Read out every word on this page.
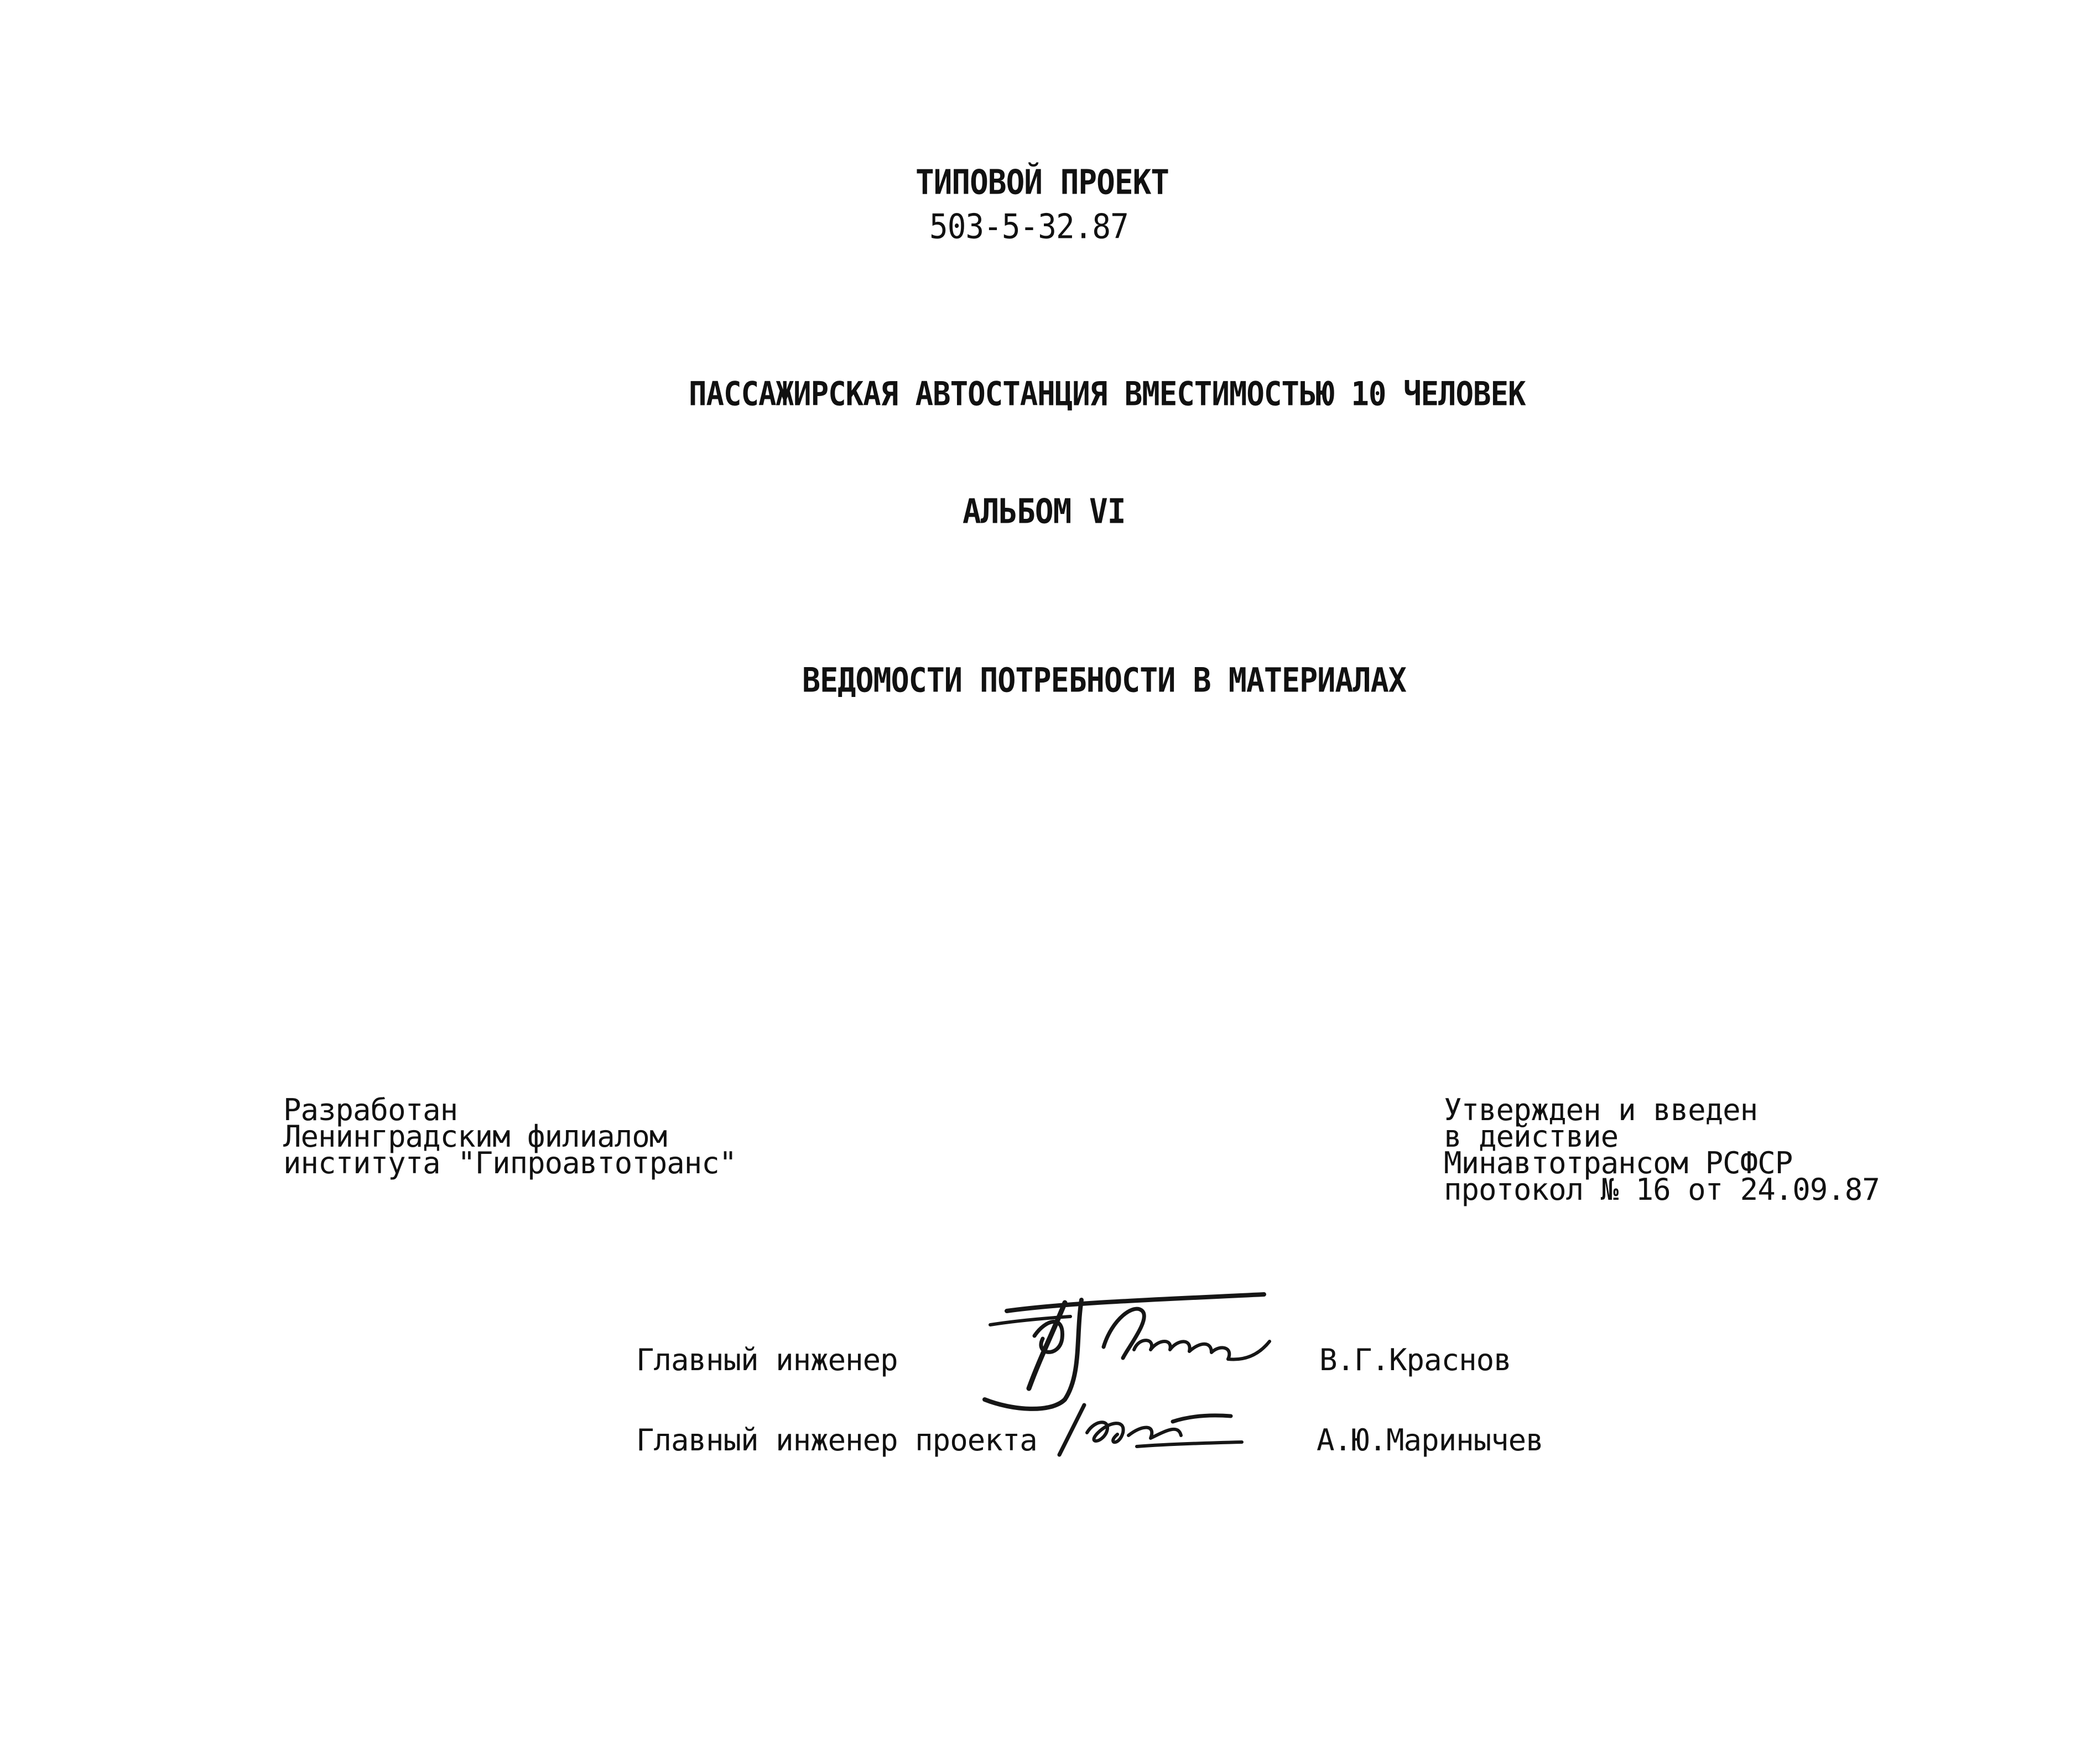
ТИПОВОЙ ПРОЕКТ
503-5-32.87
ПАССАЖИРСКАЯ АВТОСТАНЦИЯ ВМЕСТИМОСТЬЮ 10 ЧЕЛОВЕК
АЛЬБОМ VI
ВЕДОМОСТИ ПОТРЕБНОСТИ В МАТЕРИАЛАХ
Разработан
Ленинградским филиалом
института "Гипроавтотранс"
Утвержден и введен
в действие
Минавтотрансом РСФСР
протокол № 16 от 24.09.87
Главный инженер	В.Г.Краснов
Главный инженер проекта	А.Ю.Маринычев
